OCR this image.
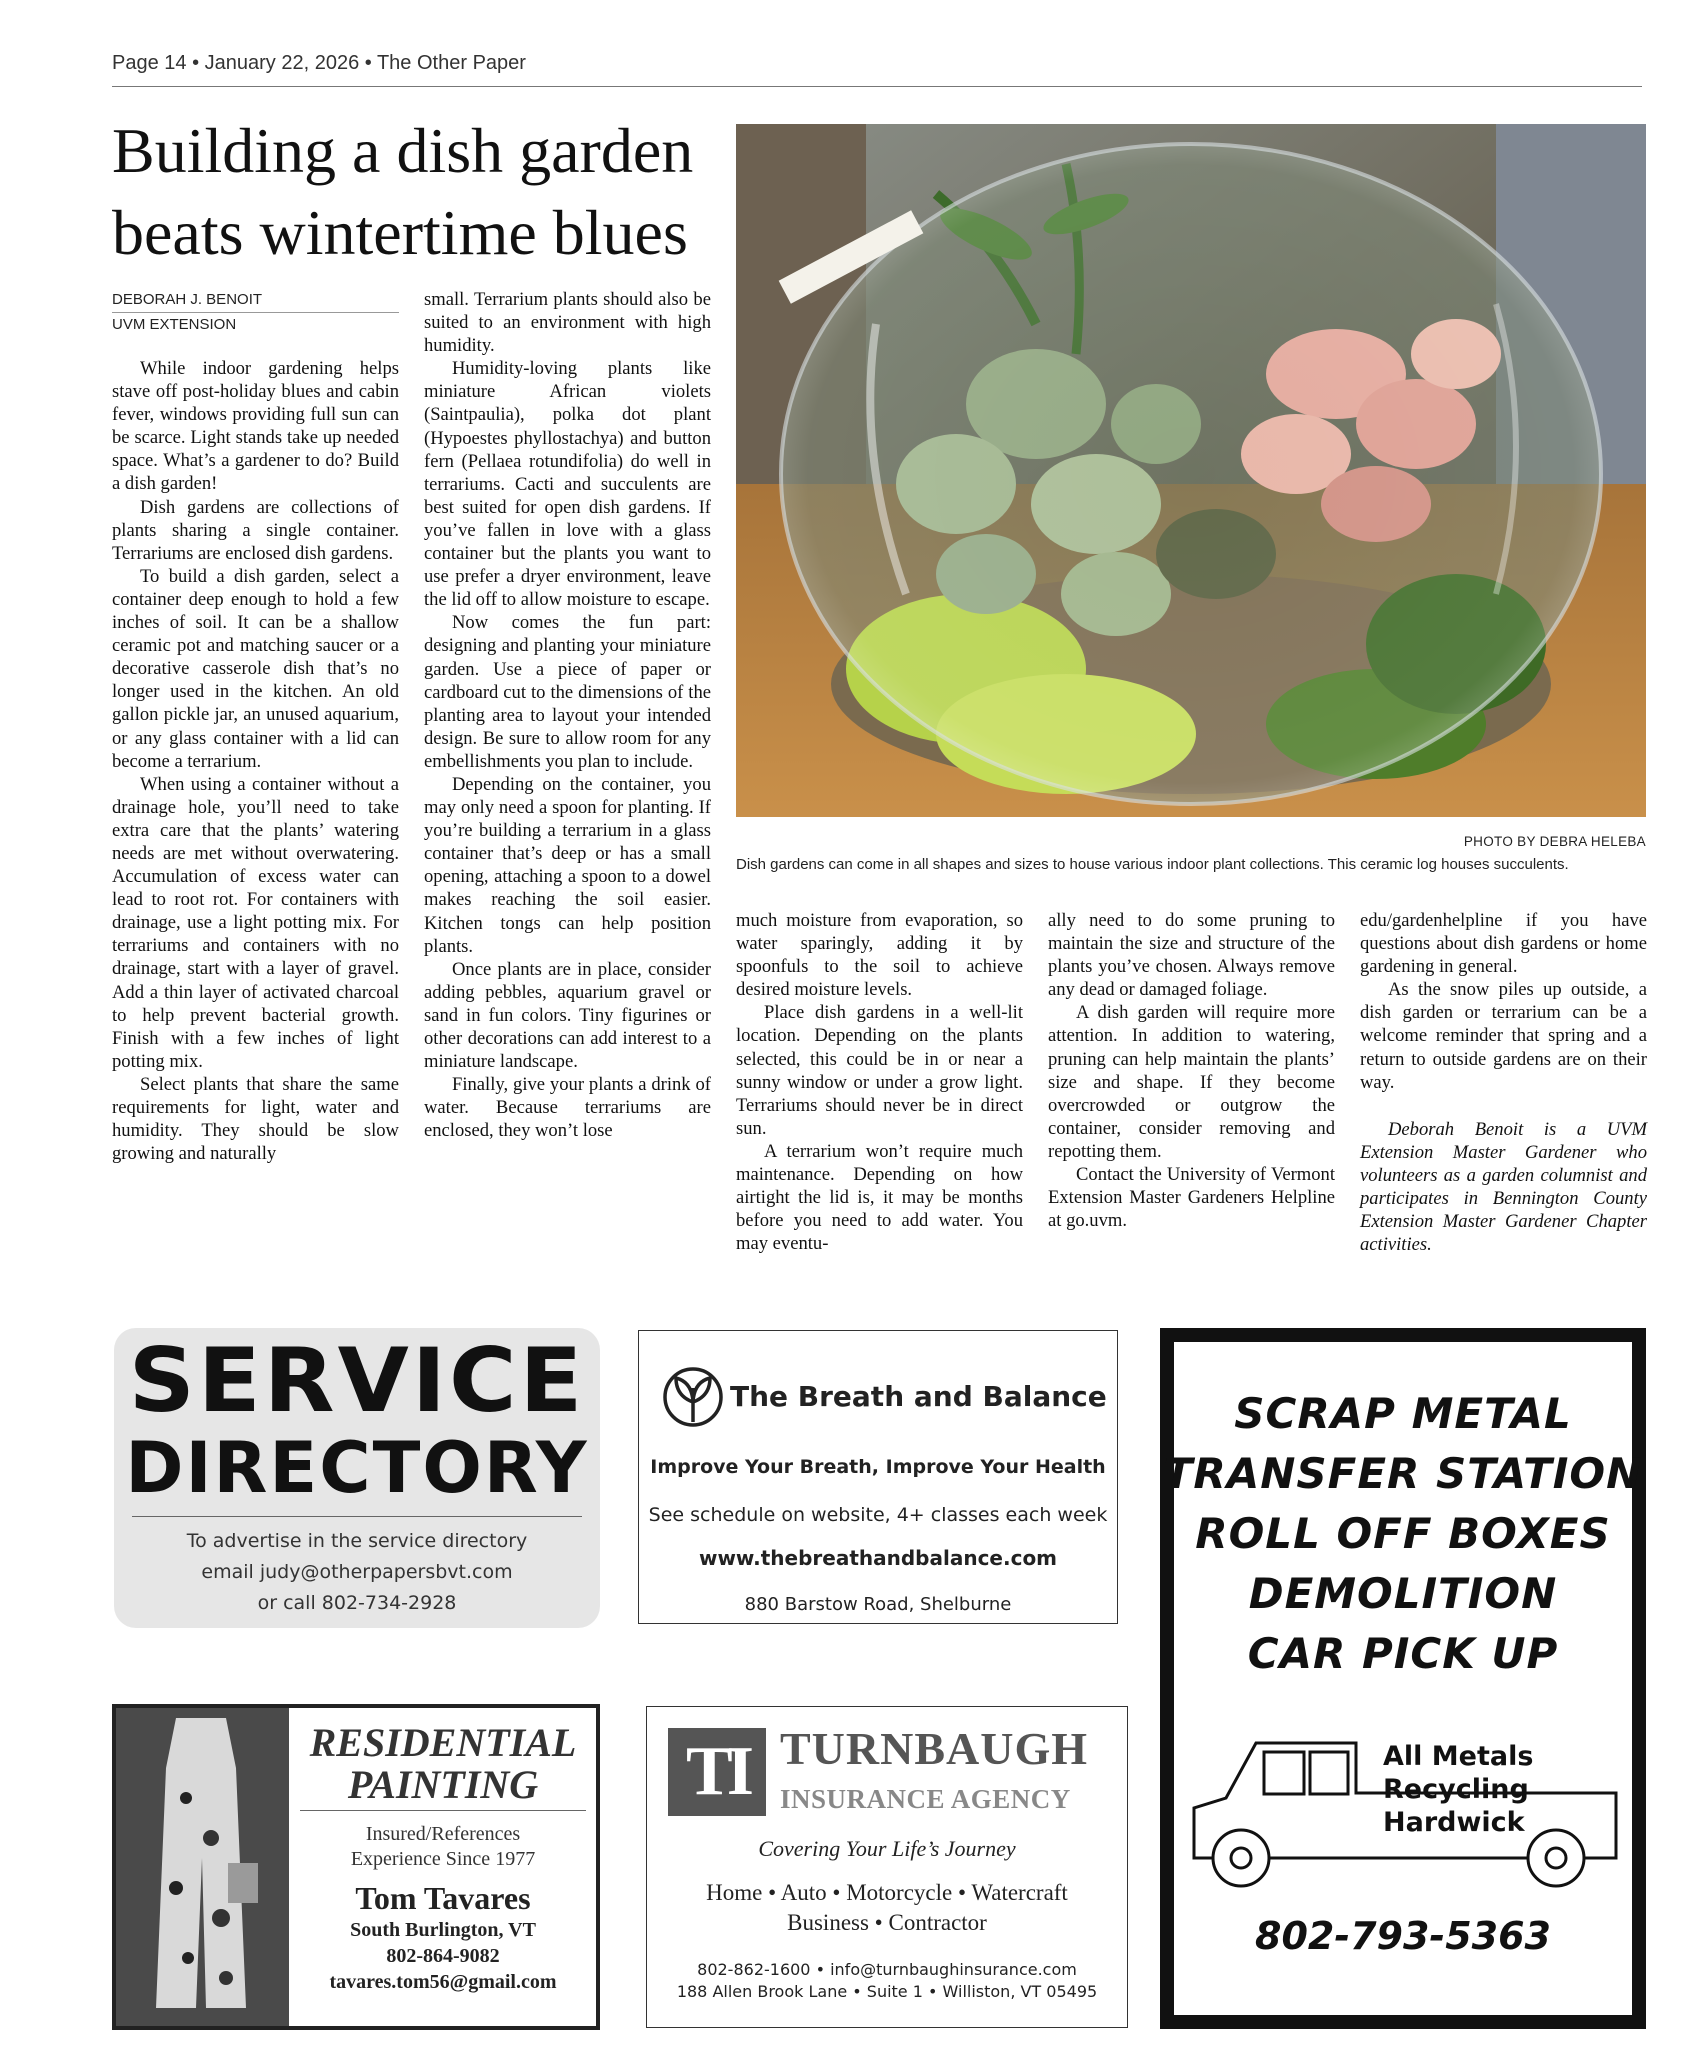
Page 14 • January 22, 2026 • The Other Paper
Building a dish garden
beats wintertime blues
DEBORAH J. BENOIT
UVM EXTENSION

While indoor gardening helps stave off post-holiday blues and cabin fever, windows providing full sun can be scarce. Light stands take up needed space. What’s a gardener to do? Build a dish garden!

Dish gardens are collections of plants sharing a single container. Terrariums are enclosed dish gardens.

To build a dish garden, select a container deep enough to hold a few inches of soil. It can be a shallow ceramic pot and matching saucer or a decorative casserole dish that’s no longer used in the kitchen. An old gallon pickle jar, an unused aquarium, or any glass container with a lid can become a terrarium.

When using a container without a drainage hole, you’ll need to take extra care that the plants’ watering needs are met without overwatering. Accumulation of excess water can lead to root rot. For containers with drainage, use a light potting mix. For terrariums and containers with no drainage, start with a layer of gravel. Add a thin layer of activated charcoal to help prevent bacterial growth. Finish with a few inches of light potting mix.

Select plants that share the same requirements for light, water and humidity. They should be slow growing and naturally

small. Terrarium plants should also be suited to an environment with high humidity.

Humidity-loving plants like miniature African violets (Saintpaulia), polka dot plant (Hypoestes phyllostachya) and button fern (Pellaea rotundifolia) do well in terrariums. Cacti and succulents are best suited for open dish gardens. If you’ve fallen in love with a glass container but the plants you want to use prefer a dryer environment, leave the lid off to allow moisture to escape.

Now comes the fun part: designing and planting your miniature garden. Use a piece of paper or cardboard cut to the dimensions of the planting area to layout your intended design. Be sure to allow room for any embellishments you plan to include.

Depending on the container, you may only need a spoon for planting. If you’re building a terrarium in a glass container that’s deep or has a small opening, attaching a spoon to a dowel makes reaching the soil easier. Kitchen tongs can help position plants.

Once plants are in place, consider adding pebbles, aquarium gravel or sand in fun colors. Tiny figurines or other decorations can add interest to a miniature landscape.

Finally, give your plants a drink of water. Because terrariums are enclosed, they won’t lose

much moisture from evaporation, so water sparingly, adding it by spoonfuls to the soil to achieve desired moisture levels.

Place dish gardens in a well-lit location. Depending on the plants selected, this could be in or near a sunny window or under a grow light. Terrariums should never be in direct sun.

A terrarium won’t require much maintenance. Depending on how airtight the lid is, it may be months before you need to add water. You may eventu-

ally need to do some pruning to maintain the size and structure of the plants you’ve chosen. Always remove any dead or damaged foliage.

A dish garden will require more attention. In addition to watering, pruning can help maintain the plants’ size and shape. If they become overcrowded or outgrow the container, consider removing and repotting them.

Contact the University of Vermont Extension Master Gardeners Helpline at go.uvm.

edu/gardenhelpline if you have questions about dish gardens or home gardening in general.

As the snow piles up outside, a dish garden or terrarium can be a welcome reminder that spring and a return to outside gardens are on their way.

Deborah Benoit is a UVM Extension Master Gardener who volunteers as a garden columnist and participates in Bennington County Extension Master Gardener Chapter activities.

PHOTO BY DEBRA HELEBA
Dish gardens can come in all shapes and sizes to house various indoor plant collections. This ceramic log houses succulents.
SERVICE
DIRECTORY
To advertise in the service directory
email judy@otherpapersbvt.com
or call 802-734-2928
The Breath and Balance
Improve Your Breath, Improve Your Health
See schedule on website, 4+ classes each week
www.thebreathandbalance.com
880 Barstow Road, Shelburne
SCRAP METAL
TRANSFER STATION
ROLL OFF BOXES
DEMOLITION
CAR PICK UP
All Metals
Recycling
Hardwick
802-793-5363
RESIDENTIAL
PAINTING
Insured/References
Experience Since 1977
Tom Tavares
South Burlington, VT
802-864-9082
tavares.tom56@gmail.com
TI TURNBAUGH
INSURANCE AGENCY
Covering Your Life’s Journey
Home • Auto • Motorcycle • Watercraft
Business • Contractor
802-862-1600 • info@turnbaughinsurance.com
188 Allen Brook Lane • Suite 1 • Williston, VT 05495
